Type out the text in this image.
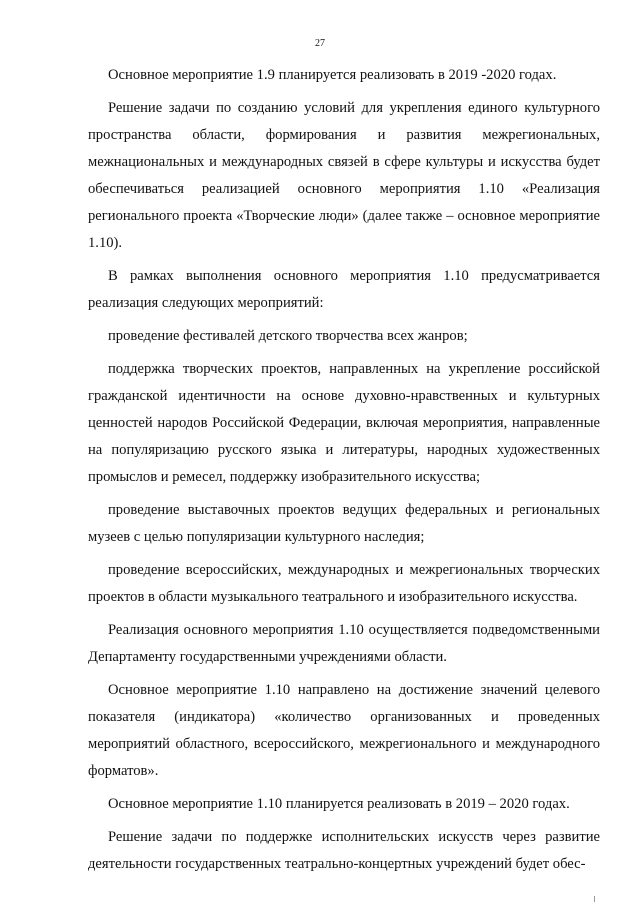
27

Основное мероприятие 1.9 планируется реализовать в 2019 -2020 годах.

Решение задачи по созданию условий для укрепления единого культурного пространства области, формирования и развития межрегиональных, межнациональных и международных связей в сфере культуры и искусства будет обеспечиваться реализацией основного мероприятия 1.10 «Реализация регионального проекта «Творческие люди» (далее также – основное мероприятие 1.10).

В рамках выполнения основного мероприятия 1.10 предусматривается реализация следующих мероприятий:

проведение фестивалей детского творчества всех жанров;

поддержка творческих проектов, направленных на укрепление российской гражданской идентичности на основе духовно-нравственных и культурных ценностей народов Российской Федерации, включая мероприятия, направленные на популяризацию русского языка и литературы, народных художественных промыслов и ремесел, поддержку изобразительного искусства;

проведение выставочных проектов ведущих федеральных и региональных музеев с целью популяризации культурного наследия;

проведение всероссийских, международных и межрегиональных творческих проектов в области музыкального театрального и изобразительного искусства.

Реализация основного мероприятия 1.10 осуществляется подведомственными Департаменту государственными учреждениями области.

Основное мероприятие 1.10 направлено на достижение значений целевого показателя (индикатора) «количество организованных и проведенных мероприятий областного, всероссийского, межрегионального и международного форматов».

Основное мероприятие 1.10 планируется реализовать в 2019 – 2020 годах.

Решение задачи по поддержке исполнительских искусств через развитие деятельности государственных театрально-концертных учреждений будет обес-
